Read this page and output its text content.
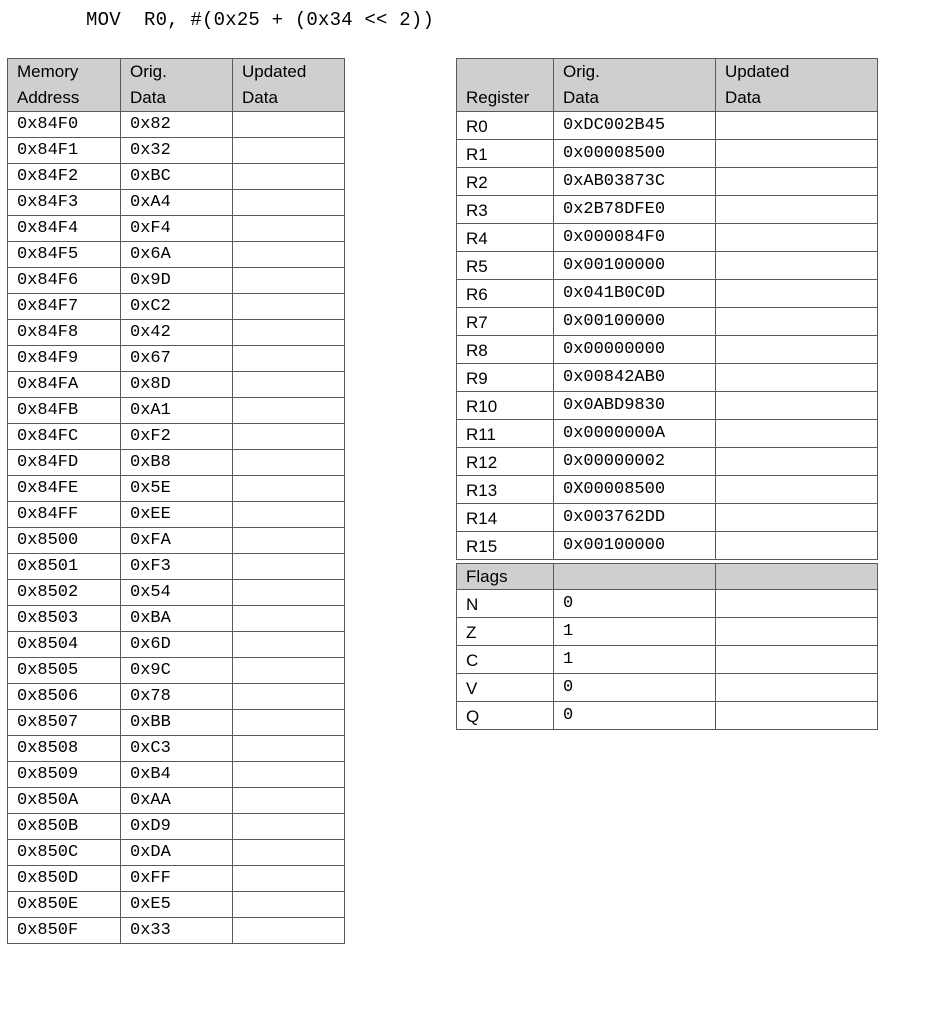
MOV  R0, #(0x25 + (0x34 << 2))
Memory
Address	Orig.
Data	Updated
Data
0x84F0	0x82	
0x84F1	0x32	
0x84F2	0xBC	
0x84F3	0xA4	
0x84F4	0xF4	
0x84F5	0x6A	
0x84F6	0x9D	
0x84F7	0xC2	
0x84F8	0x42	
0x84F9	0x67	
0x84FA	0x8D	
0x84FB	0xA1	
0x84FC	0xF2	
0x84FD	0xB8	
0x84FE	0x5E	
0x84FF	0xEE	
0x8500	0xFA	
0x8501	0xF3	
0x8502	0x54	
0x8503	0xBA	
0x8504	0x6D	
0x8505	0x9C	
0x8506	0x78	
0x8507	0xBB	
0x8508	0xC3	
0x8509	0xB4	
0x850A	0xAA	
0x850B	0xD9	
0x850C	0xDA	
0x850D	0xFF	
0x850E	0xE5	
0x850F	0x33	

Register	Orig.
Data	Updated
Data
R0	0xDC002B45	
R1	0x00008500	
R2	0xAB03873C	
R3	0x2B78DFE0	
R4	0x000084F0	
R5	0x00100000	
R6	0x041B0C0D	
R7	0x00100000	
R8	0x00000000	
R9	0x00842AB0	
R10	0x0ABD9830	
R11	0x0000000A	
R12	0x00000002	
R13	0X00008500	
R14	0x003762DD	
R15	0x00100000	
Flags		
N	0	
Z	1	
C	1	
V	0	
Q	0	
